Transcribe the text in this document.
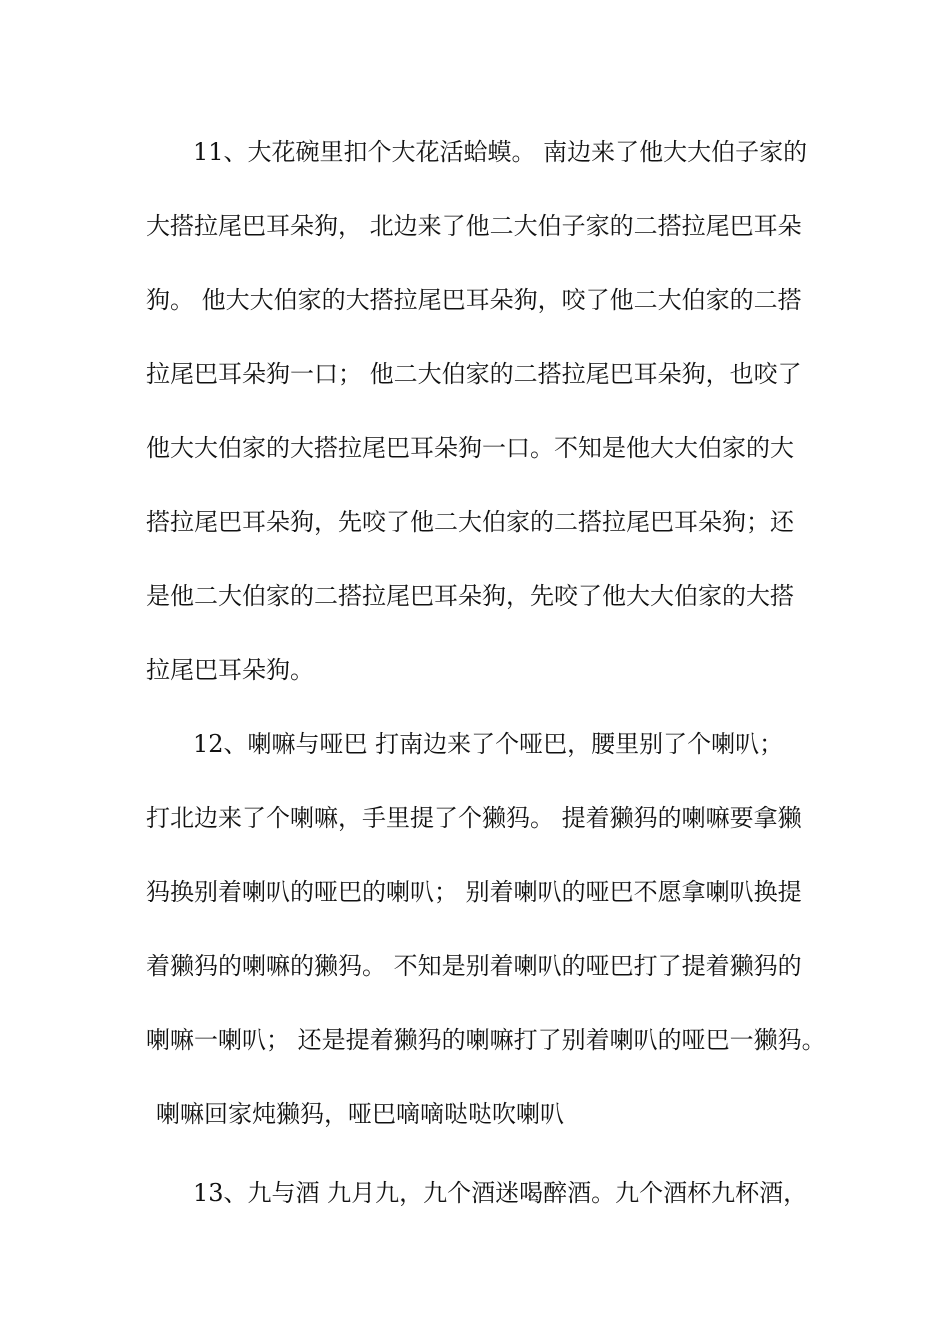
11、大花碗里扣个大花活蛤蟆。 南边来了他大大伯子家的
大搭拉尾巴耳朵狗， 北边来了他二大伯子家的二搭拉尾巴耳朵
狗。 他大大伯家的大搭拉尾巴耳朵狗，咬了他二大伯家的二搭
拉尾巴耳朵狗一口； 他二大伯家的二搭拉尾巴耳朵狗，也咬了
他大大伯家的大搭拉尾巴耳朵狗一口。不知是他大大伯家的大
搭拉尾巴耳朵狗，先咬了他二大伯家的二搭拉尾巴耳朵狗；还
是他二大伯家的二搭拉尾巴耳朵狗，先咬了他大大伯家的大搭
拉尾巴耳朵狗。
12、喇嘛与哑巴 打南边来了个哑巴，腰里别了个喇叭；
打北边来了个喇嘛，手里提了个獭犸。 提着獭犸的喇嘛要拿獭
犸换别着喇叭的哑巴的喇叭； 别着喇叭的哑巴不愿拿喇叭换提
着獭犸的喇嘛的獭犸。 不知是别着喇叭的哑巴打了提着獭犸的
喇嘛一喇叭； 还是提着獭犸的喇嘛打了别着喇叭的哑巴一獭犸。
喇嘛回家炖獭犸，哑巴嘀嘀哒哒吹喇叭
13、九与酒 九月九，九个酒迷喝醉酒。九个酒杯九杯酒，
